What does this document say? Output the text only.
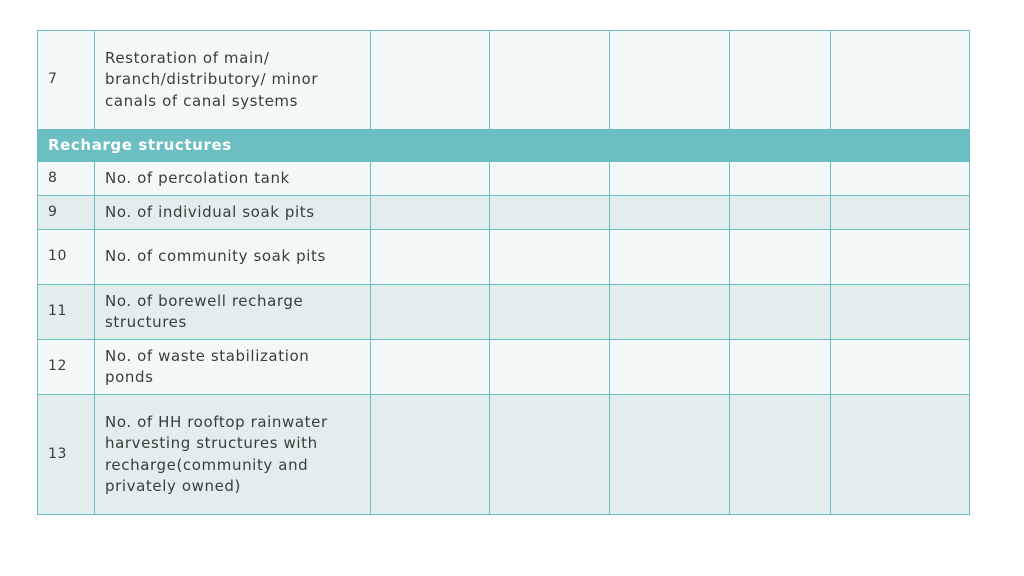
7	Restoration of main/ branch/distributory/ minor canals of canal systems					
Recharge structures						
8	No. of percolation tank					
9	No. of individual soak pits					
10	No. of community soak pits					
11	No. of borewell recharge structures					
12	No. of waste stabilization ponds					
13	No. of HH rooftop rainwater harvesting structures with recharge(community and privately owned)					
